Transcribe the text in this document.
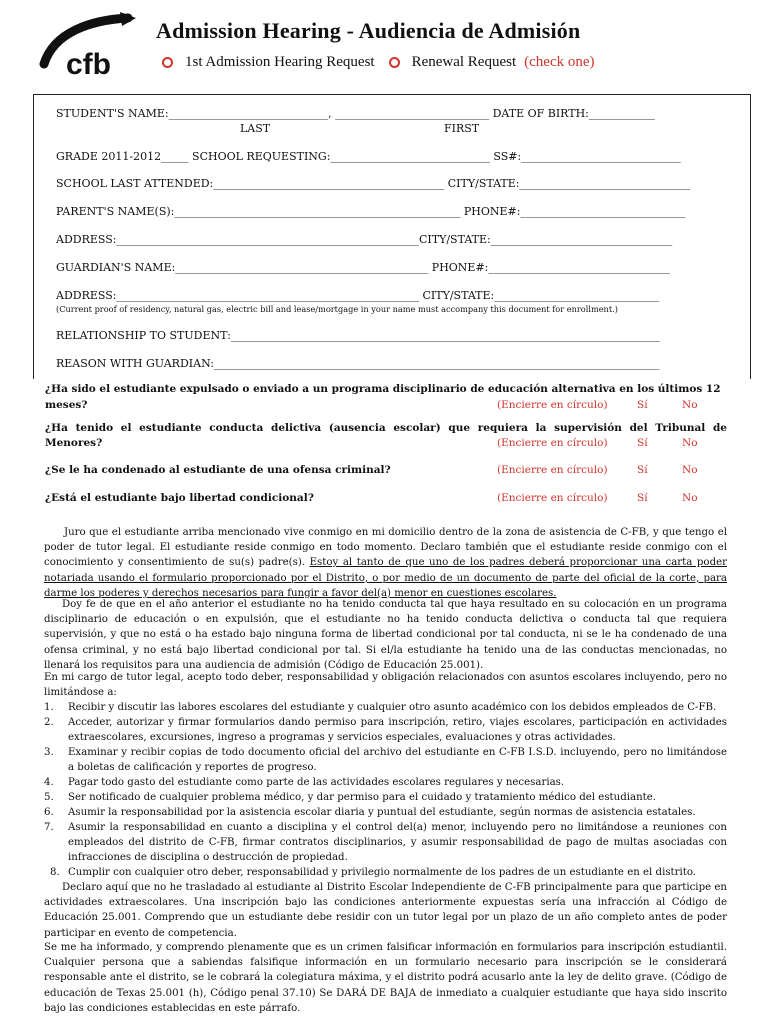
cfb
Admission Hearing - Audiencia de Admisión
1st Admission Hearing Request Renewal Request (check one)
STUDENT'S NAME:_____________________________, ____________________________ DATE OF BIRTH:____________
LAST	FIRST
GRADE 2011-2012_____ SCHOOL REQUESTING:_____________________________ SS#:_____________________________
SCHOOL LAST ATTENDED:__________________________________________ CITY/STATE:_______________________________
PARENT'S NAME(S):____________________________________________________ PHONE#:______________________________
ADDRESS:_______________________________________________________CITY/STATE:_________________________________
GUARDIAN'S NAME:______________________________________________ PHONE#:_________________________________
ADDRESS:_______________________________________________________ CITY/STATE:______________________________
(Current proof of residency, natural gas, electric bill and lease/mortgage in your name must accompany this document for enrollment.)
RELATIONSHIP TO STUDENT:______________________________________________________________________________
REASON WITH GUARDIAN:_________________________________________________________________________________
¿Ha sido el estudiante expulsado o enviado a un programa disciplinario de educación alternativa en los últimos 12
meses?	(Encierre en círculo)	Sí	No
¿Ha tenido el estudiante conducta delictiva (ausencia escolar) que requiera la supervisión del Tribunal de
Menores?	(Encierre en círculo)	Sí	No
¿Se le ha condenado al estudiante de una ofensa criminal?	(Encierre en círculo)	Sí	No
¿Está el estudiante bajo libertad condicional?	(Encierre en círculo)	Sí	No
Juro que el estudiante arriba mencionado vive conmigo en mi domicilio dentro de la zona de asistencia de C-FB, y que tengo el poder de tutor legal. El estudiante reside conmigo en todo momento. Declaro también que el estudiante reside conmigo con el conocimiento y consentimiento de su(s) padre(s). Estoy al tanto de que uno de los padres deberá proporcionar una carta poder notariada usando el formulario proporcionado por el Distrito, o por medio de un documento de parte del oficial de la corte, para darme los poderes y derechos necesarios para fungir a favor del(a) menor en cuestiones escolares.
Doy fe de que en el año anterior el estudiante no ha tenido conducta tal que haya resultado en su colocación en un programa disciplinario de educación o en expulsión, que el estudiante no ha tenido conducta delictiva o conducta tal que requiera supervisión, y que no está o ha estado bajo ninguna forma de libertad condicional por tal conducta, ni se le ha condenado de una ofensa criminal, y no está bajo libertad condicional por tal. Si el/la estudiante ha tenido una de las conductas mencionadas, no llenará los requisitos para una audiencia de admisión (Código de Educación 25.001).
En mi cargo de tutor legal, acepto todo deber, responsabilidad y obligación relacionados con asuntos escolares incluyendo, pero no limitándose a:
1. Recibir y discutir las labores escolares del estudiante y cualquier otro asunto académico con los debidos empleados de C-FB.
2. Acceder, autorizar y firmar formularios dando permiso para inscripción, retiro, viajes escolares, participación en actividades extraescolares, excursiones, ingreso a programas y servicios especiales, evaluaciones y otras actividades.
3. Examinar y recibir copias de todo documento oficial del archivo del estudiante en C-FB I.S.D. incluyendo, pero no limitándose a boletas de calificación y reportes de progreso.
4. Pagar todo gasto del estudiante como parte de las actividades escolares regulares y necesarias.
5. Ser notificado de cualquier problema médico, y dar permiso para el cuidado y tratamiento médico del estudiante.
6. Asumir la responsabilidad por la asistencia escolar diaria y puntual del estudiante, según normas de asistencia estatales.
7. Asumir la responsabilidad en cuanto a disciplina y el control del(a) menor, incluyendo pero no limitándose a reuniones con empleados del distrito de C-FB, firmar contratos disciplinarios, y asumir responsabilidad de pago de multas asociadas con infracciones de disciplina o destrucción de propiedad.
8. Cumplir con cualquier otro deber, responsabilidad y privilegio normalmente de los padres de un estudiante en el distrito.
Declaro aquí que no he trasladado al estudiante al Distrito Escolar Independiente de C-FB principalmente para que participe en actividades extraescolares. Una inscripción bajo las condiciones anteriormente expuestas sería una infracción al Código de Educación 25.001. Comprendo que un estudiante debe residir con un tutor legal por un plazo de un año completo antes de poder participar en evento de competencia.
Se me ha informado, y comprendo plenamente que es un crimen falsificar información en formularios para inscripción estudiantil. Cualquier persona que a sabiendas falsifique información en un formulario necesario para inscripción se le considerará responsable ante el distrito, se le cobrará la colegiatura máxima, y el distrito podrá acusarlo ante la ley de delito grave. (Código de educación de Texas 25.001 (h), Código penal 37.10) Se DARÁ DE BAJA de inmediato a cualquier estudiante que haya sido inscrito bajo las condiciones establecidas en este párrafo.
